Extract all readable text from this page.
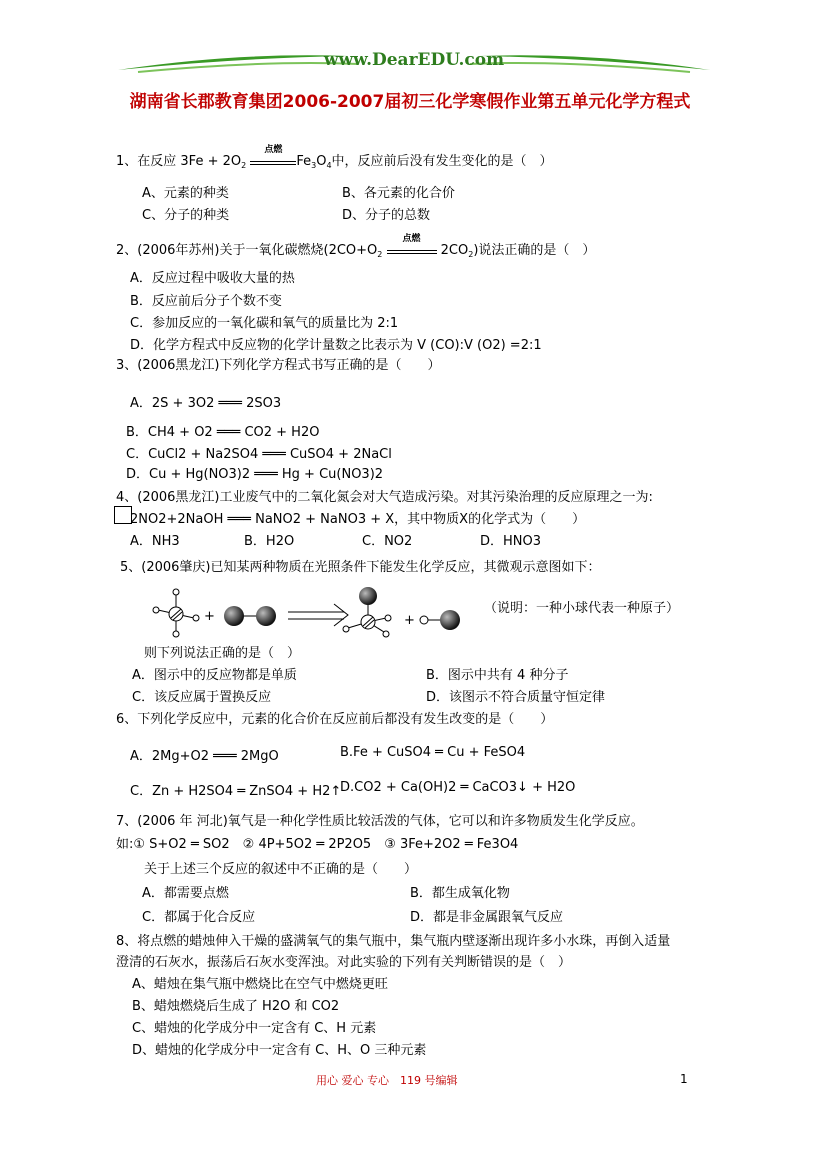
www.DearEDU.com
湖南省长郡教育集团2006-2007届初三化学寒假作业第五单元化学方程式
1、在反应 $3Fe + 2O_2$
点燃
$Fe_3O_4$中，反应前后没有发生变化的是（　）
A、元素的种类	B、各元素的化合价
C、分子的种类	D、分子的总数
2、(2006年苏州)关于一氧化碳燃烧($2CO+O_2$
点燃
$2CO_2$)说法正确的是（　）
A．反应过程中吸收大量的热
B．反应前后分子个数不变
C．参加反应的一氧化碳和氧气的质量比为 2:1
D．化学方程式中反应物的化学计量数之比表示为 V (CO):V (O2) =2:1
3、(2006黑龙江)下列化学方程式书写正确的是（　　）
A．2S + 3O2 ═══ 2SO3
B．CH4 + O2 ═══ CO2 + H2O
C．CuCl2 + Na2SO4 ═══ CuSO4 + 2NaCl
D．Cu + Hg(NO3)2 ═══ Hg + Cu(NO3)2
4、(2006黑龙江)工业废气中的二氧化氮会对大气造成污染。对其污染治理的反应原理之一为:
2NO2+2NaOH ═══ NaNO2 + NaNO3 + X，其中物质X的化学式为（　　）
A．NH3	B．H2O	C．NO2	D．HNO3
5、(2006肇庆)已知某两种物质在光照条件下能发生化学反应，其微观示意图如下：
+	+
（说明：一种小球代表一种原子）
则下列说法正确的是（　）
A．图示中的反应物都是单质	B．图示中共有 4 种分子
C．该反应属于置换反应	D．该图示不符合质量守恒定律
6、下列化学反应中，元素的化合价在反应前后都没有发生改变的是（　　）
A．2Mg+O2 ═══ 2MgO	B.Fe + CuSO4 ═ Cu + FeSO4
C．Zn + H2SO4 ═ ZnSO4 + H2↑
D.CO2 + Ca(OH)2 ═ CaCO3↓ + H2O
7、(2006 年 河北)氧气是一种化学性质比较活泼的气体，它可以和许多物质发生化学反应。
如:① S+O2 ═ SO2　② 4P+5O2 ═ 2P2O5　③ 3Fe+2O2 ═ Fe3O4
关于上述三个反应的叙述中不正确的是（　　）
A．都需要点燃	B．都生成氧化物
C．都属于化合反应	D．都是非金属跟氧气反应
8、将点燃的蜡烛伸入干燥的盛满氧气的集气瓶中，集气瓶内壁逐渐出现许多小水珠，再倒入适量
澄清的石灰水，振荡后石灰水变浑浊。对此实验的下列有关判断错误的是（　）
A、蜡烛在集气瓶中燃烧比在空气中燃烧更旺
B、蜡烛燃烧后生成了 H2O 和 CO2
C、蜡烛的化学成分中一定含有 C、H 元素
D、蜡烛的化学成分中一定含有 C、H、O 三种元素
用心 爱心 专心　119 号编辑	1
